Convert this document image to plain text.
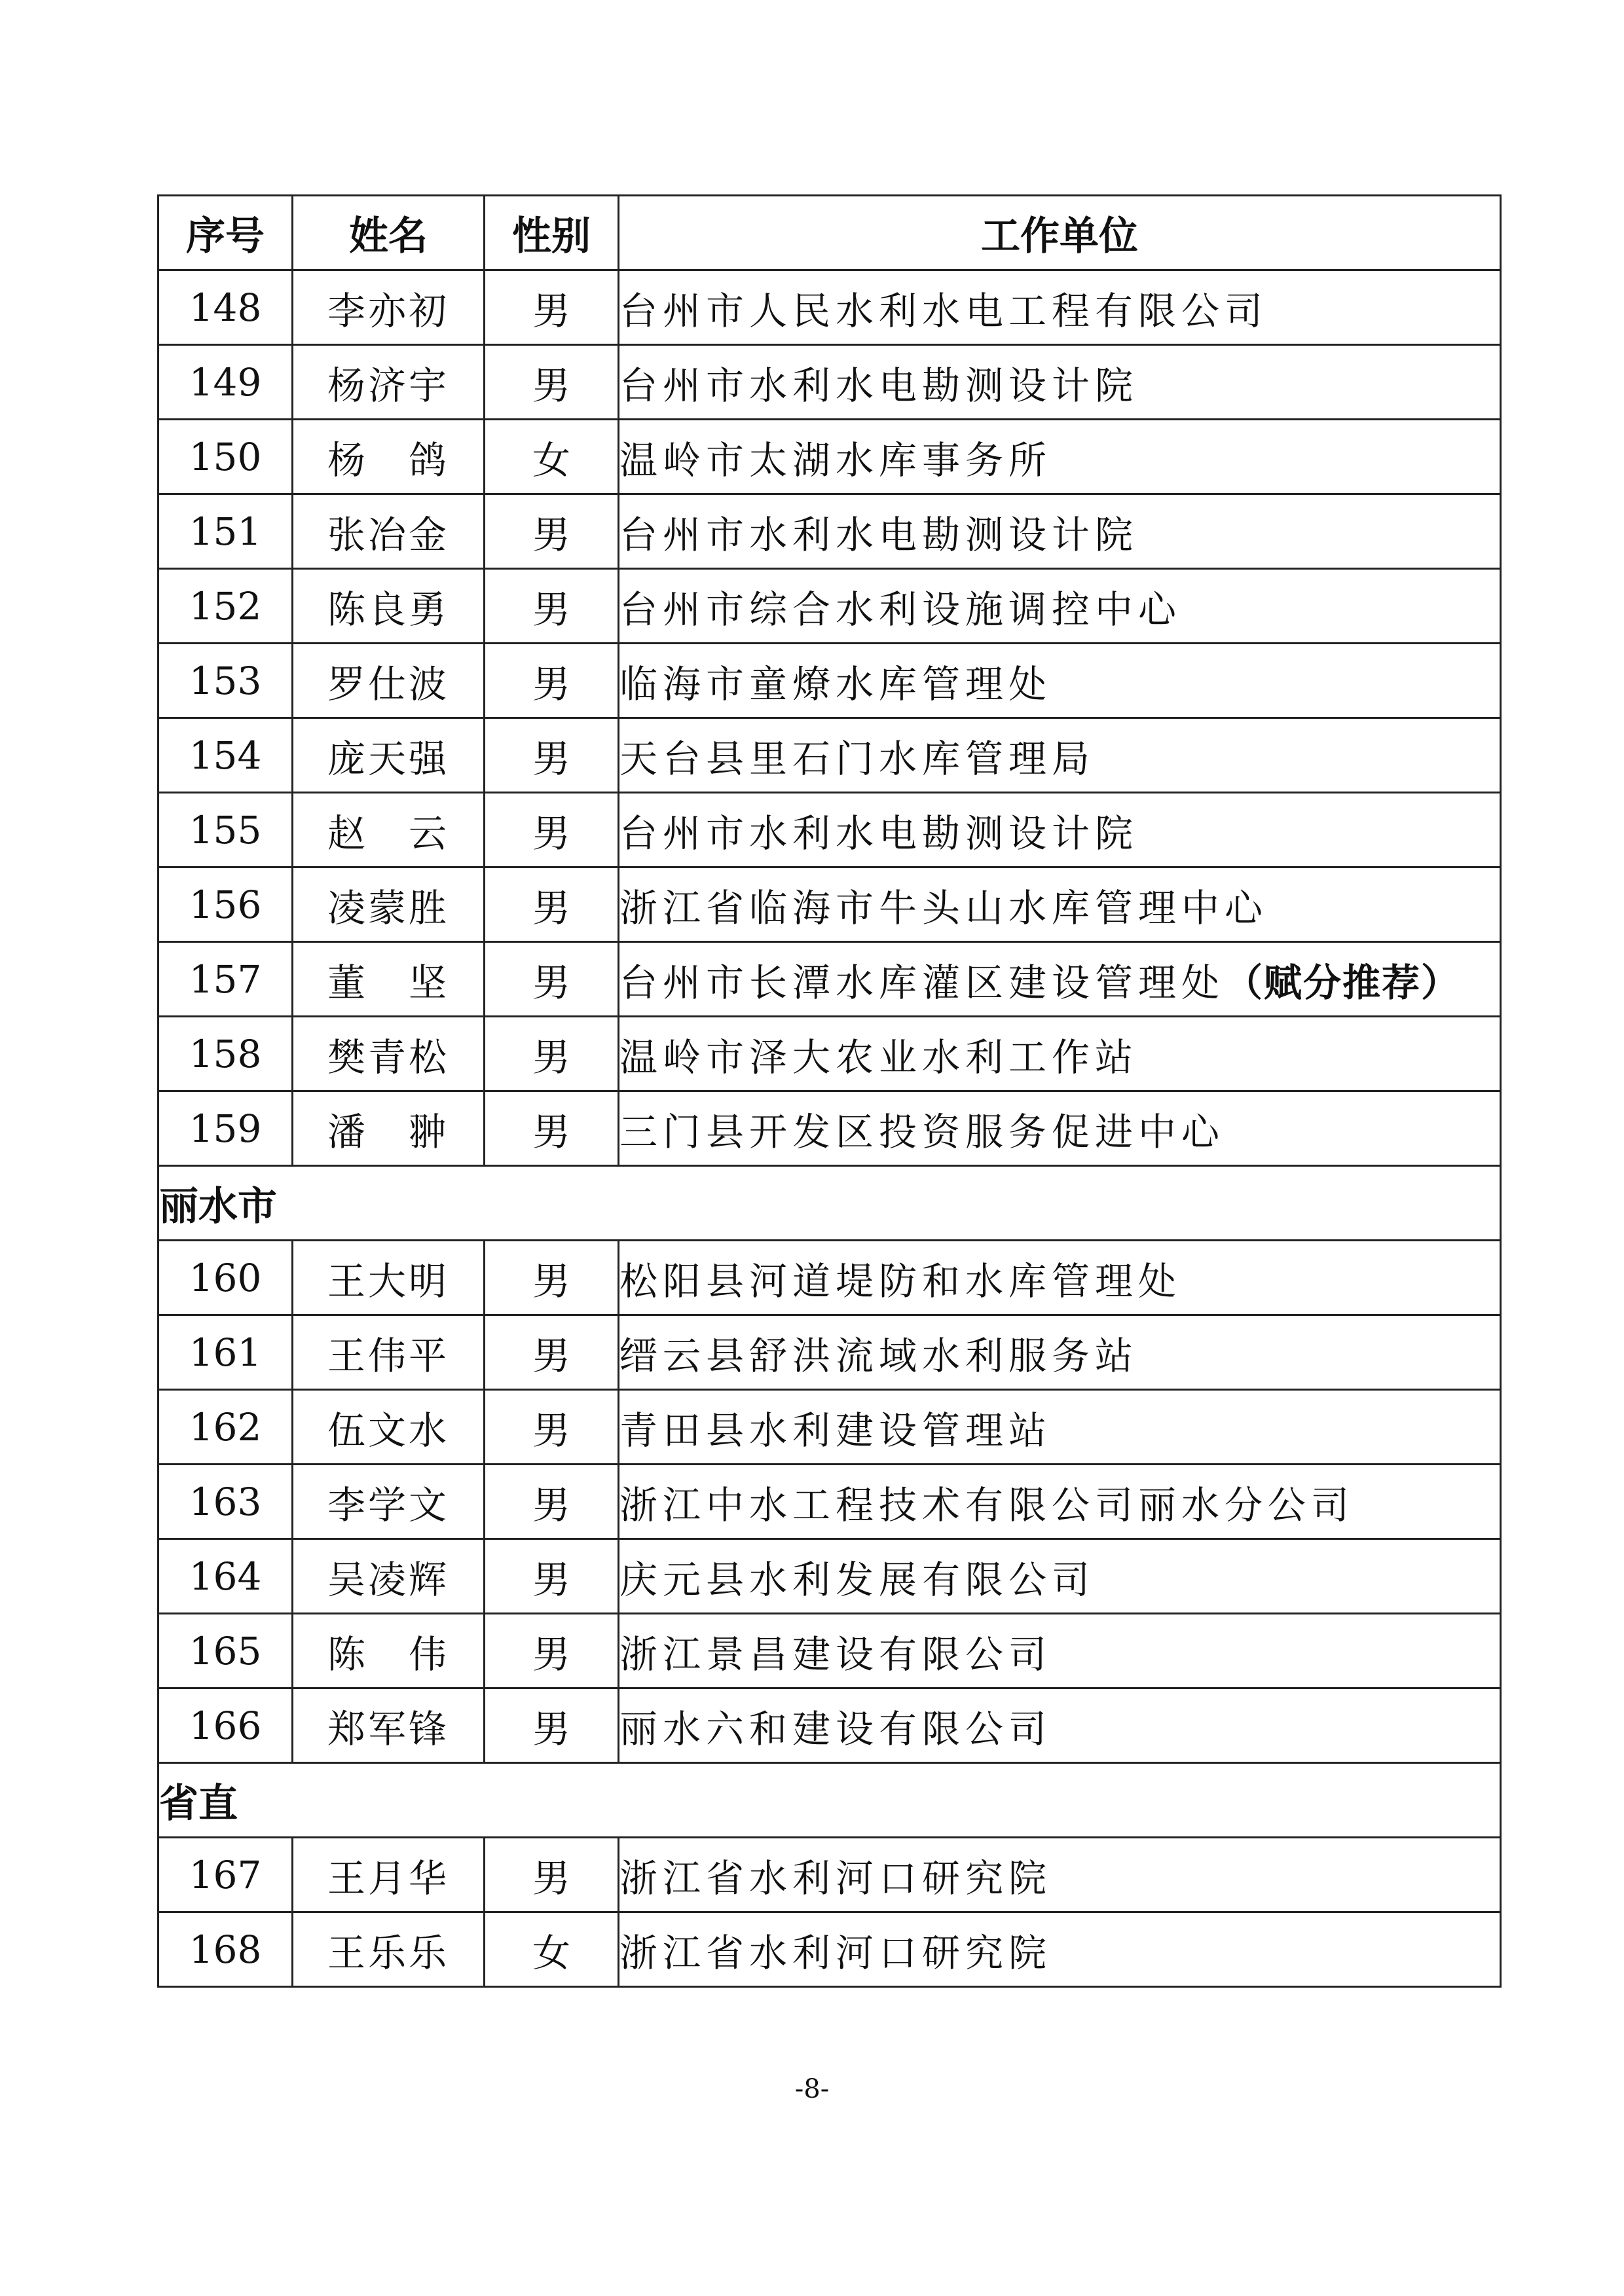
序号	姓名	性别	工作单位
148	李亦初	男	台州市人民水利水电工程有限公司
149	杨济宇	男	台州市水利水电勘测设计院
150	杨　鸽	女	温岭市太湖水库事务所
151	张冶金	男	台州市水利水电勘测设计院
152	陈良勇	男	台州市综合水利设施调控中心
153	罗仕波	男	临海市童燎水库管理处
154	庞天强	男	天台县里石门水库管理局
155	赵　云	男	台州市水利水电勘测设计院
156	凌蒙胜	男	浙江省临海市牛头山水库管理中心
157	董　坚	男	台州市长潭水库灌区建设管理处（赋分推荐）
158	樊青松	男	温岭市泽大农业水利工作站
159	潘　翀	男	三门县开发区投资服务促进中心
丽水市			
160	王大明	男	松阳县河道堤防和水库管理处
161	王伟平	男	缙云县舒洪流域水利服务站
162	伍文水	男	青田县水利建设管理站
163	李学文	男	浙江中水工程技术有限公司丽水分公司
164	吴凌辉	男	庆元县水利发展有限公司
165	陈　伟	男	浙江景昌建设有限公司
166	郑军锋	男	丽水六和建设有限公司
省直			
167	王月华	男	浙江省水利河口研究院
168	王乐乐	女	浙江省水利河口研究院
-8-
